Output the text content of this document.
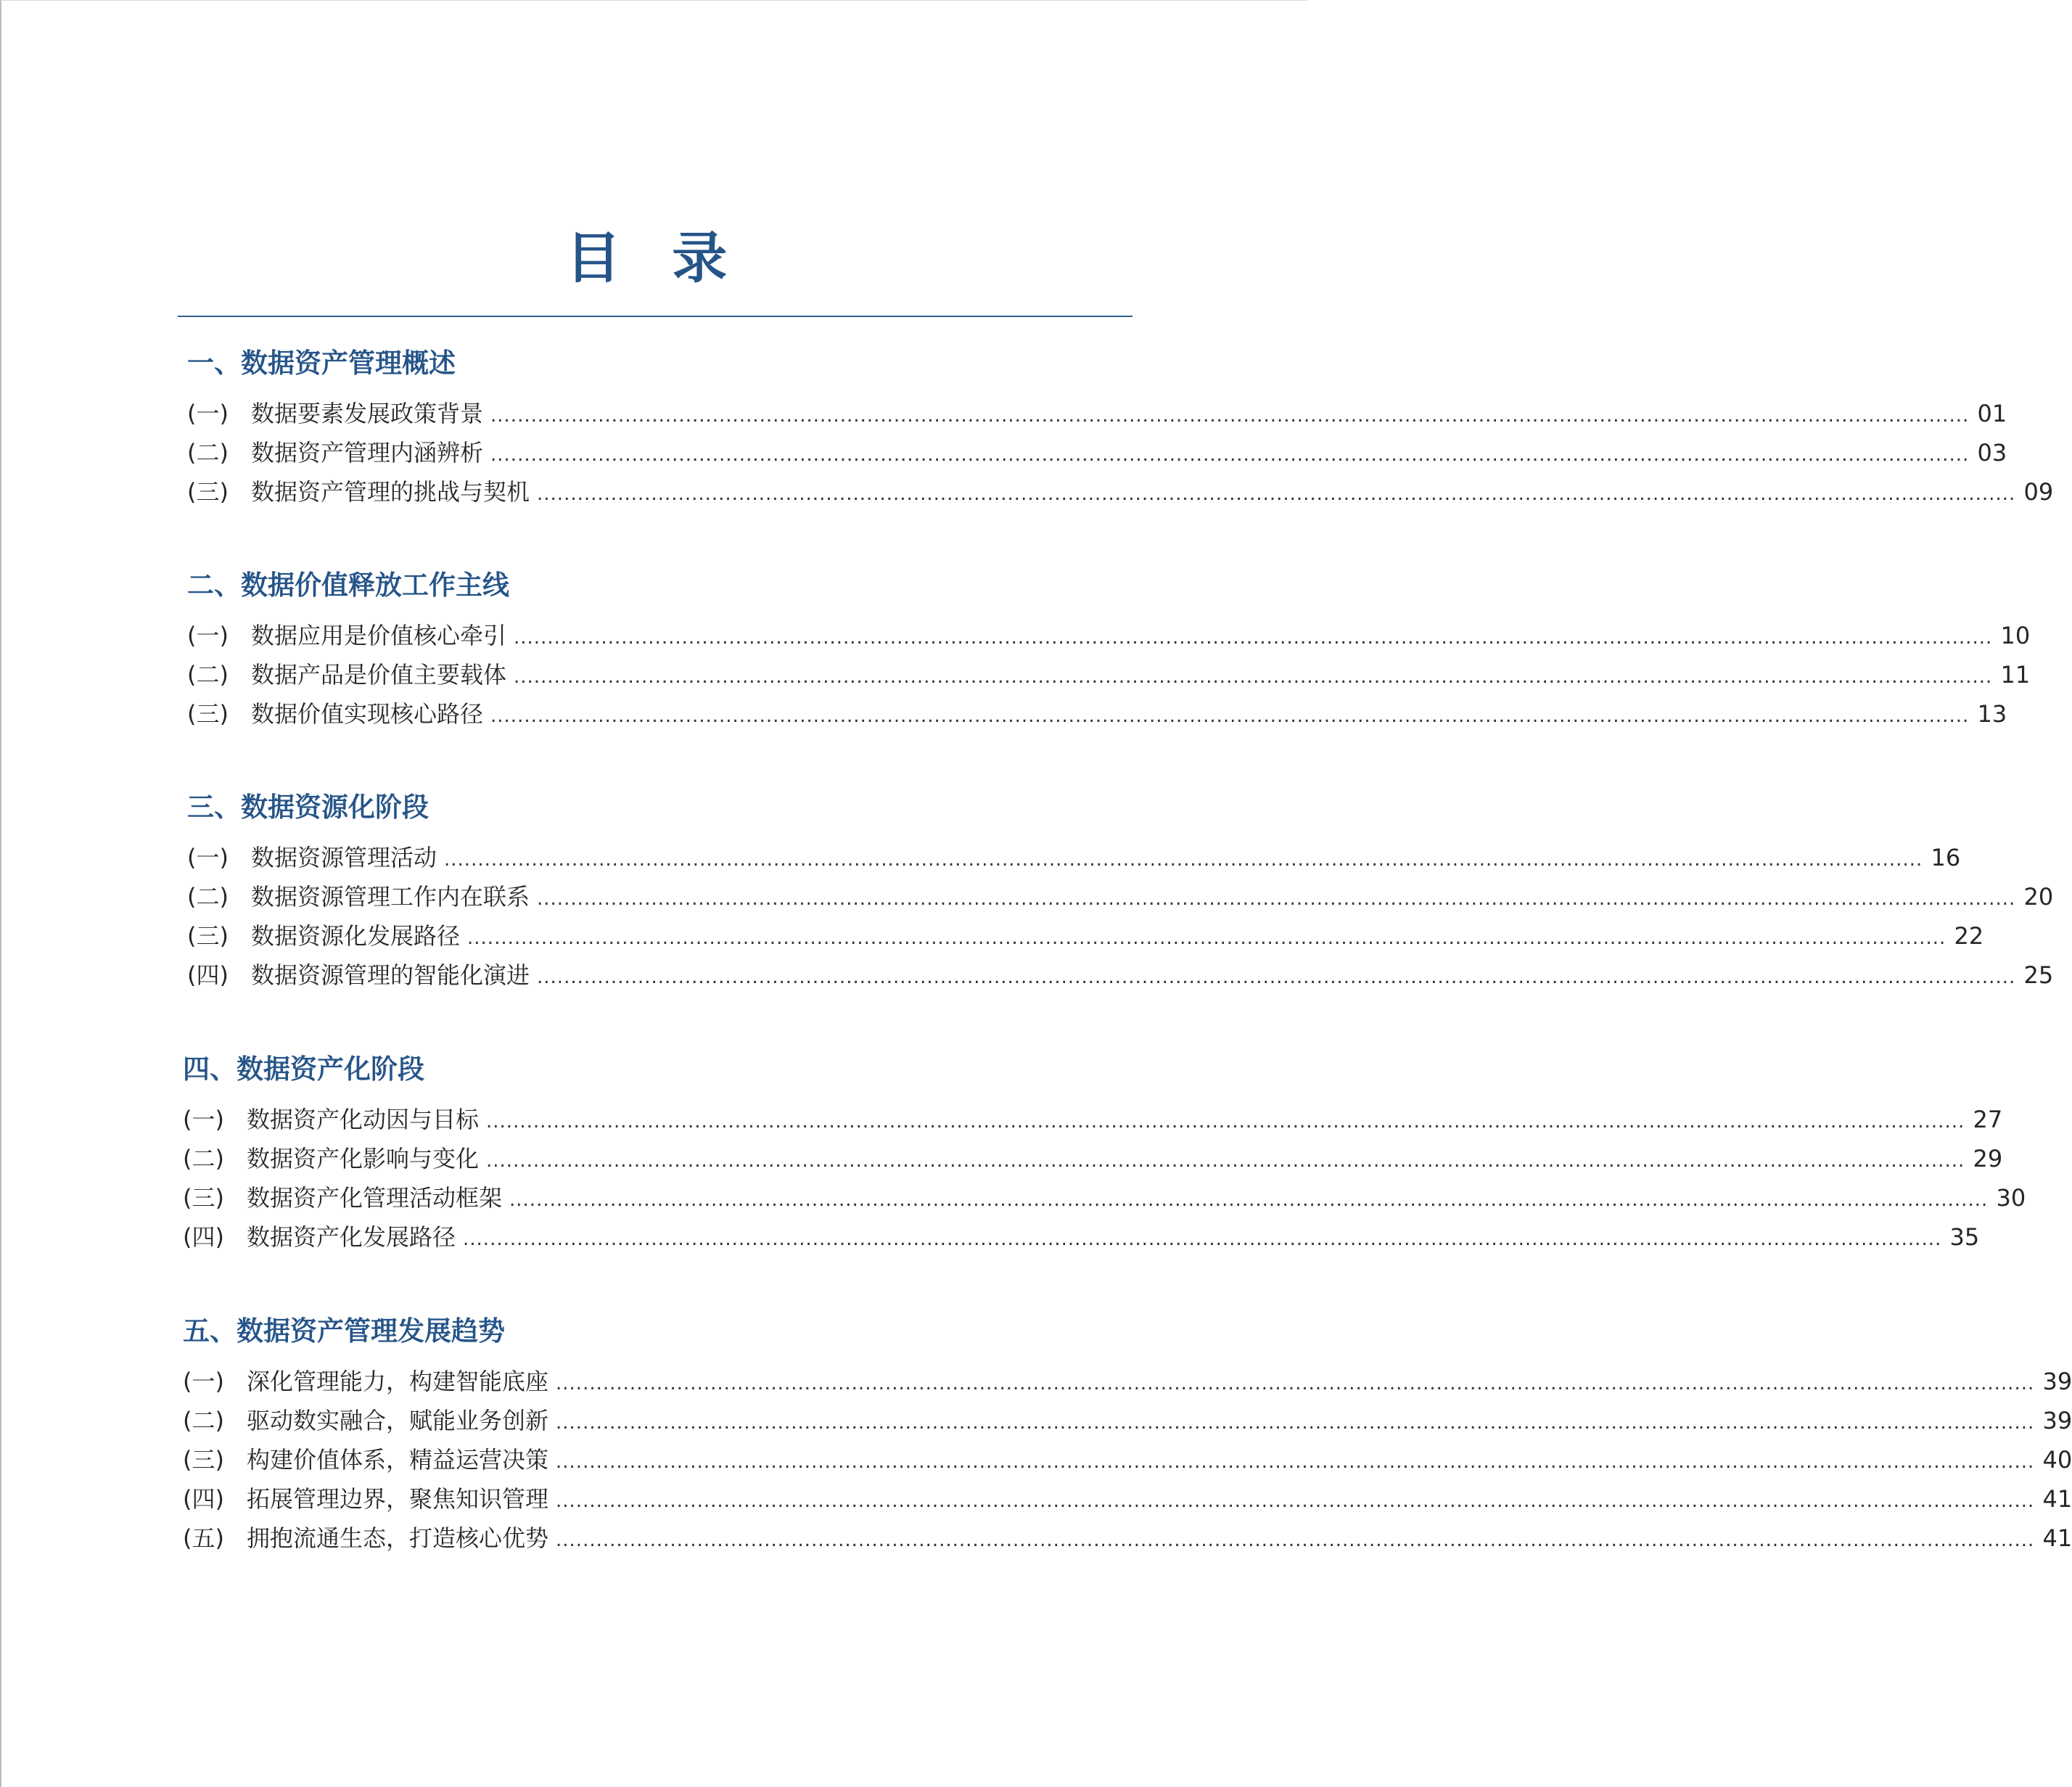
目 录
一、数据资产管理概述
(一) 数据要素发展政策背景 ............................................................................................................................................................................................................................ 01
(二) 数据资产管理内涵辨析 ............................................................................................................................................................................................................................ 03
(三) 数据资产管理的挑战与契机 ............................................................................................................................................................................................................................ 09
二、数据价值释放工作主线
(一) 数据应用是价值核心牵引 ............................................................................................................................................................................................................................ 10
(二) 数据产品是价值主要载体 ............................................................................................................................................................................................................................ 11
(三) 数据价值实现核心路径 ............................................................................................................................................................................................................................ 13
三、数据资源化阶段
(一) 数据资源管理活动 ............................................................................................................................................................................................................................ 16
(二) 数据资源管理工作内在联系 ............................................................................................................................................................................................................................ 20
(三) 数据资源化发展路径 ............................................................................................................................................................................................................................ 22
(四) 数据资源管理的智能化演进 ............................................................................................................................................................................................................................ 25
四、数据资产化阶段
(一) 数据资产化动因与目标 ............................................................................................................................................................................................................................ 27
(二) 数据资产化影响与变化 ............................................................................................................................................................................................................................ 29
(三) 数据资产化管理活动框架 ............................................................................................................................................................................................................................ 30
(四) 数据资产化发展路径 ............................................................................................................................................................................................................................ 35
五、数据资产管理发展趋势
(一) 深化管理能力，构建智能底座 ............................................................................................................................................................................................................................ 39
(二) 驱动数实融合，赋能业务创新 ............................................................................................................................................................................................................................ 39
(三) 构建价值体系，精益运营决策 ............................................................................................................................................................................................................................ 40
(四) 拓展管理边界，聚焦知识管理 ............................................................................................................................................................................................................................ 41
(五) 拥抱流通生态，打造核心优势 ............................................................................................................................................................................................................................ 41
